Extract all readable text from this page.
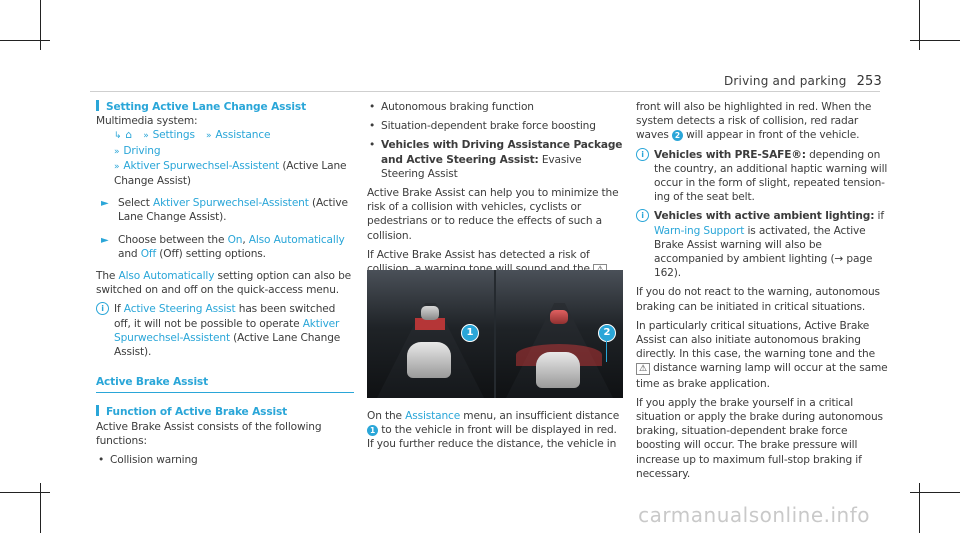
Driving and parking 253
Setting Active Lane Change Assist
Multimedia system:
↳ ⌂ » Settings » Assistance
» Driving
» Aktiver Spurwechsel-Assistent (Active Lane Change Assist)
► Select Aktiver Spurwechsel-Assistent (Active Lane Change Assist).
► Choose between the On, Also Automatically and Off (Off) setting options.

The Also Automatically setting option can also be switched on and off on the quick-access menu.

i If Active Steering Assist has been switched off, it will not be possible to operate Aktiver Spurwechsel-Assistent (Active Lane Change Assist).
Active Brake Assist
Function of Active Brake Assist

Active Brake Assist consists of the following functions:

• Collision warning
• Autonomous braking function
• Situation-dependent brake force boosting
• Vehicles with Driving Assistance Package and Active Steering Assist: Evasive Steering Assist

Active Brake Assist can help you to minimize the risk of a collision with vehicles, cyclists or pedestrians or to reduce the effects of such a collision.

If Active Brake Assist has detected a risk of

1	2
On the Assistance menu, an insufficient distance
1 to the vehicle in front will be displayed in red. If you further reduce the distance, the vehicle in

front will also be highlighted in red. When the system detects a risk of collision, red radar waves 2 will appear in front of the vehicle.

i Vehicles with PRE-SAFE®: depending on the country, an additional haptic warning will occur in the form of slight, repeated tension-ing of the seat belt.
i Vehicles with active ambient lighting: if Warn-ing Support is activated, the Active Brake Assist warning will also be accompanied by ambient lighting (→ page 162).

If you do not react to the warning, autonomous braking can be initiated in critical situations.

In particularly critical situations, Active Brake Assist can also initiate autonomous braking directly. In this case, the warning tone and the ⚠ distance warning lamp will occur at the same time as brake application.

If you apply the brake yourself in a critical situation or apply the brake during autonomous braking, situation-dependent brake force boosting will occur. The brake pressure will increase up to maximum full-stop braking if necessary.

carmanualsonline.info
